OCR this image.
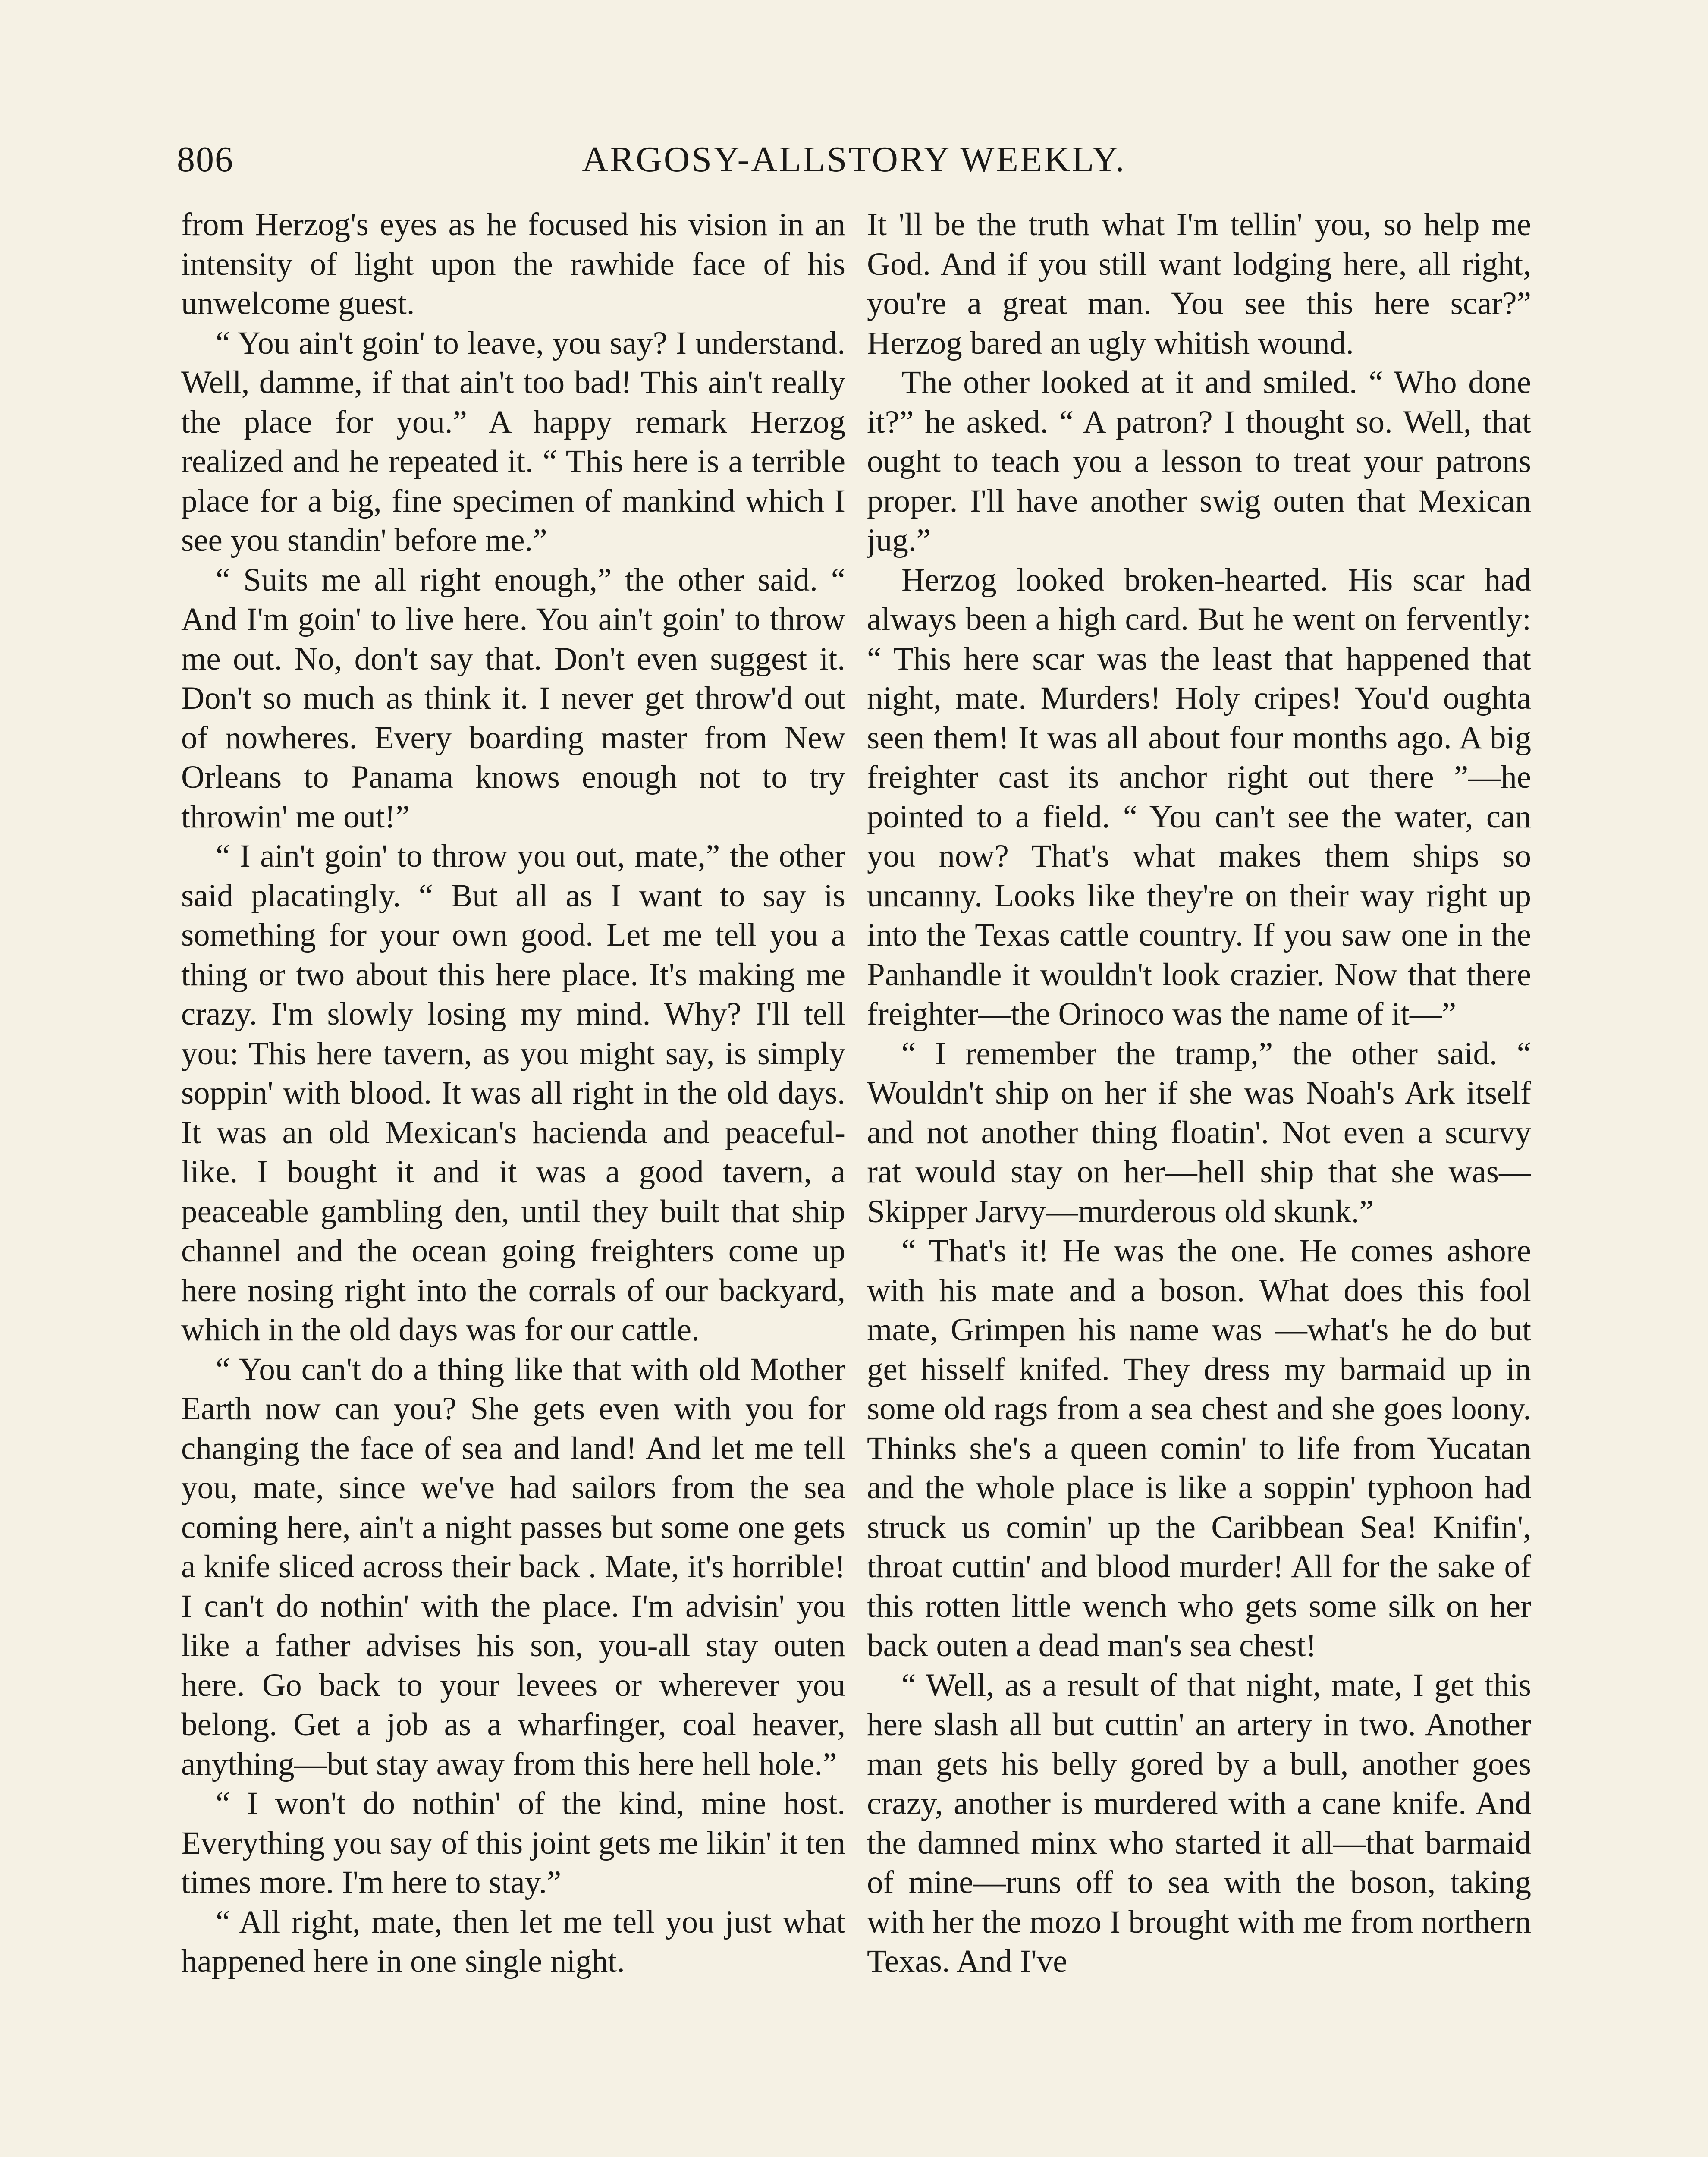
806	ARGOSY-ALLSTORY WEEKLY.

from Herzog's eyes as he focused his vision in an intensity of light upon the rawhide face of his unwelcome guest.

“ You ain't goin' to leave, you say? I understand. Well, damme, if that ain't too bad! This ain't really the place for you.” A happy remark Herzog realized and he repeated it. “ This here is a terrible place for a big, fine specimen of mankind which I see you standin' before me.”

“ Suits me all right enough,” the other said. “ And I'm goin' to live here. You ain't goin' to throw me out. No, don't say that. Don't even suggest it. Don't so much as think it. I never get throw'd out of nowheres. Every boarding master from New Orleans to Panama knows enough not to try throwin' me out!”

“ I ain't goin' to throw you out, mate,” the other said placatingly. “ But all as I want to say is something for your own good. Let me tell you a thing or two about this here place. It's making me crazy. I'm slowly losing my mind. Why? I'll tell you: This here tavern, as you might say, is simply soppin' with blood. It was all right in the old days. It was an old Mexican's hacienda and peaceful-like. I bought it and it was a good tavern, a peaceable gambling den, until they built that ship channel and the ocean going freighters come up here nosing right into the corrals of our backyard, which in the old days was for our cattle.

“ You can't do a thing like that with old Mother Earth now can you? She gets even with you for changing the face of sea and land! And let me tell you, mate, since we've had sailors from the sea coming here, ain't a night passes but some one gets a knife sliced across their back . Mate, it's horrible! I can't do nothin' with the place. I'm advisin' you like a father advises his son, you-all stay outen here. Go back to your levees or wherever you belong. Get a job as a wharfinger, coal heaver, anything—but stay away from this here hell hole.”

“ I won't do nothin' of the kind, mine host. Everything you say of this joint gets me likin' it ten times more. I'm here to stay.”

“ All right, mate, then let me tell you just what happened here in one single night.

It 'll be the truth what I'm tellin' you, so help me God. And if you still want lodging here, all right, you're a great man. You see this here scar?” Herzog bared an ugly whitish wound.

The other looked at it and smiled. “ Who done it?” he asked. “ A patron? I thought so. Well, that ought to teach you a lesson to treat your patrons proper. I'll have another swig outen that Mexican jug.”

Herzog looked broken-hearted. His scar had always been a high card. But he went on fervently: “ This here scar was the least that happened that night, mate. Murders! Holy cripes! You'd oughta seen them! It was all about four months ago. A big freighter cast its anchor right out there ”—he pointed to a field. “ You can't see the water, can you now? That's what makes them ships so uncanny. Looks like they're on their way right up into the Texas cattle country. If you saw one in the Panhandle it wouldn't look crazier. Now that there freighter—the Orinoco was the name of it—”

“ I remember the tramp,” the other said. “ Wouldn't ship on her if she was Noah's Ark itself and not another thing floatin'. Not even a scurvy rat would stay on her—hell ship that she was—Skipper Jarvy—murderous old skunk.”

“ That's it! He was the one. He comes ashore with his mate and a boson. What does this fool mate, Grimpen his name was —what's he do but get hisself knifed. They dress my barmaid up in some old rags from a sea chest and she goes loony. Thinks she's a queen comin' to life from Yucatan and the whole place is like a soppin' typhoon had struck us comin' up the Caribbean Sea! Knifin', throat cuttin' and blood murder! All for the sake of this rotten little wench who gets some silk on her back outen a dead man's sea chest!

“ Well, as a result of that night, mate, I get this here slash all but cuttin' an artery in two. Another man gets his belly gored by a bull, another goes crazy, another is murdered with a cane knife. And the damned minx who started it all—that barmaid of mine—runs off to sea with the boson, taking with her the mozo I brought with me from northern Texas. And I've
